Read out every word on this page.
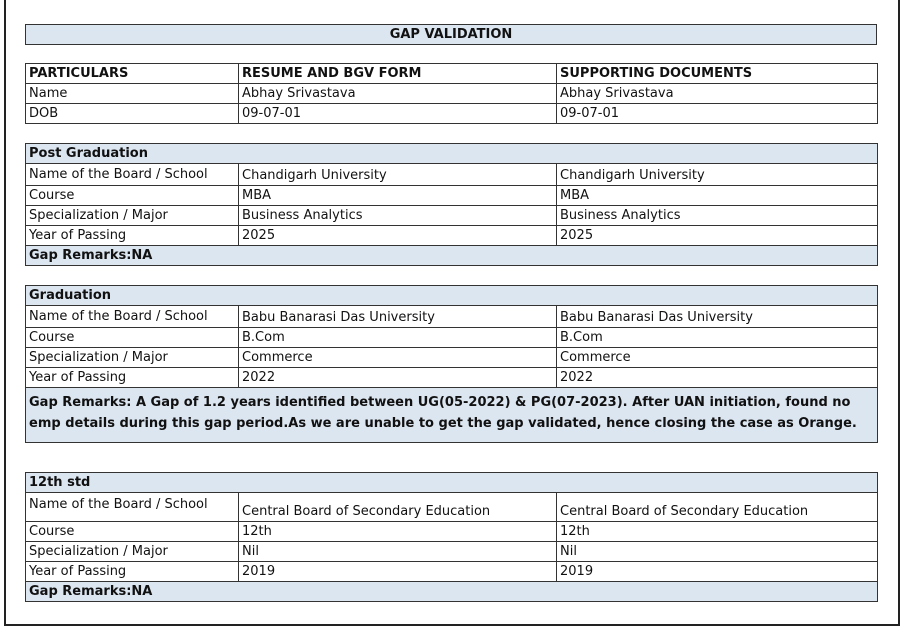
GAP VALIDATION
PARTICULARS	RESUME AND BGV FORM	SUPPORTING DOCUMENTS
Name	Abhay Srivastava	Abhay Srivastava
DOB	09-07-01	09-07-01
Post Graduation		
Name of the Board / School	Chandigarh University	Chandigarh University
Course	MBA	MBA
Specialization / Major	Business Analytics	Business Analytics
Year of Passing	2025	2025
Gap Remarks:NA		
Graduation		
Name of the Board / School	Babu Banarasi Das University	Babu Banarasi Das University
Course	B.Com	B.Com
Specialization / Major	Commerce	Commerce
Year of Passing	2022	2022
Gap Remarks: A Gap of 1.2 years identified between UG(05-2022) & PG(07-2023). After UAN initiation, found no emp details during this gap period.As we are unable to get the gap validated, hence closing the case as Orange.		
12th std		
Name of the Board / School	Central Board of Secondary Education	Central Board of Secondary Education
Course	12th	12th
Specialization / Major	Nil	Nil
Year of Passing	2019	2019
Gap Remarks:NA		
